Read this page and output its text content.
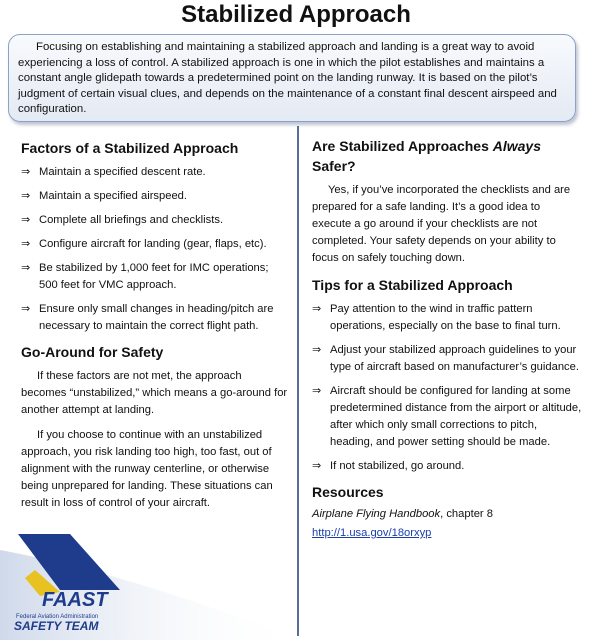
Stabilized Approach
Focusing on establishing and maintaining a stabilized approach and landing is a great way to avoid experiencing a loss of control. A stabilized approach is one in which the pilot establishes and maintains a constant angle glidepath towards a predetermined point on the landing runway. It is based on the pilot’s judgment of certain visual clues, and depends on the maintenance of a constant final descent airspeed and configuration.
Factors of a Stabilized Approach
⇒ Maintain a specified descent rate.
⇒ Maintain a specified airspeed.
⇒ Complete all briefings and checklists.
⇒ Configure aircraft for landing (gear, flaps, etc).
⇒ Be stabilized by 1,000 feet for IMC operations; 500 feet for VMC approach.
⇒ Ensure only small changes in heading/pitch are necessary to maintain the correct flight path.
Go-Around for Safety

If these factors are not met, the approach becomes “unstabilized,” which means a go-around for another attempt at landing.

If you choose to continue with an unstabilized approach, you risk landing too high, too fast, out of alignment with the runway centerline, or otherwise being unprepared for landing. These situations can result in loss of control of your aircraft.

Are Stabilized Approaches Always
Safer?

Yes, if you’ve incorporated the checklists and are prepared for a safe landing. It’s a good idea to execute a go around if your checklists are not completed. Your safety depends on your ability to focus on safely touching down.

Tips for a Stabilized Approach
⇒ Pay attention to the wind in traffic pattern operations, especially on the base to final turn.
⇒ Adjust your stabilized approach guidelines to your type of aircraft based on manufacturer’s guidance.
⇒ Aircraft should be configured for landing at some predetermined distance from the airport or altitude, after which only small corrections to pitch, heading, and power setting should be made.
⇒ If not stabilized, go around.
Resources
Airplane Flying Handbook, chapter 8
http://1.usa.gov/18orxyp
FAAST
Federal Aviation Administration
SAFETY TEAM
